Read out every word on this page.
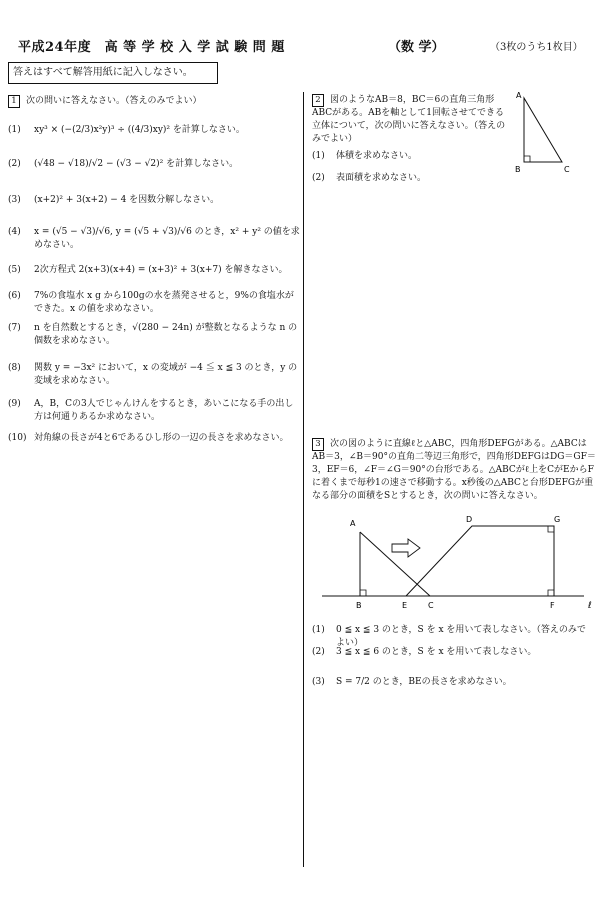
平成24年度　高 等 学 校 入 学 試 験 問 題	（数 学）	（3枚のうち1枚目）
答えはすべて解答用紙に記入しなさい。
1 次の問いに答えなさい。（答えのみでよい）
(1) xy³ × (−(2/3)x²y)³ ÷ ((4/3)xy)² を計算しなさい。
(2) (√48 − √18)/√2 − (√3 − √2)² を計算しなさい。
(3) (x+2)² + 3(x+2) − 4 を因数分解しなさい。
(4) x = (√5 − √3)/√6, y = (√5 + √3)/√6 のとき，x² + y² の値を求めなさい。
(5) 2次方程式 2(x+3)(x+4) = (x+3)² + 3(x+7) を解きなさい。
(6) 7%の食塩水 x g から100gの水を蒸発させると，9%の食塩水ができた。x の値を求めなさい。
(7) n を自然数とするとき，√(280 − 24n) が整数となるような n の個数を求めなさい。
(8) 関数 y = −3x² において，x の変域が −4 ≦ x ≦ 3 のとき，y の変域を求めなさい。
(9) A，B，Cの3人でじゃんけんをするとき，あいこになる手の出し方は何通りあるか求めなさい。
(10) 対角線の長さが4と6であるひし形の一辺の長さを求めなさい。
2 図のようなAB＝8，BC＝6の直角三角形ABCがある。ABを軸として1回転させてできる立体について，次の問いに答えなさい。（答えのみでよい）
A
B	C
(1) 体積を求めなさい。
(2) 表面積を求めなさい。
3 次の図のように直線ℓと△ABC，四角形DEFGがある。△ABCはAB＝3，∠B＝90°の直角二等辺三角形で，四角形DEFGはDG＝GF＝3，EF＝6，∠F＝∠G＝90°の台形である。△ABCがℓ上をCがEからFに着くまで毎秒1の速さで移動する。x秒後の△ABCと台形DEFGが重なる部分の面積をSとするとき，次の問いに答えなさい。
A
B	E	C
D	G
F	ℓ
(1) 0 ≦ x ≦ 3 のとき，S を x を用いて表しなさい。（答えのみでよい）
(2) 3 ≦ x ≦ 6 のとき，S を x を用いて表しなさい。
(3) S = 7/2 のとき，BEの長さを求めなさい。
